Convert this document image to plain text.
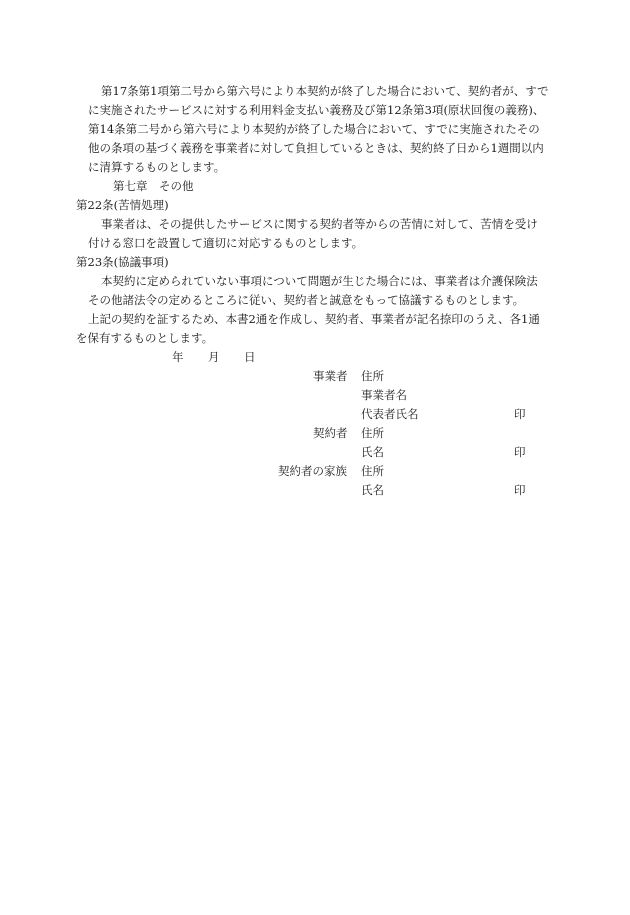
第17条第1項第二号から第六号により本契約が終了した場合において、契約者が、すで
に実施されたサービスに対する利用料金支払い義務及び第12条第3項(原状回復の義務)、
第14条第二号から第六号により本契約が終了した場合において、すでに実施されたその
他の条項の基づく義務を事業者に対して負担しているときは、契約終了日から1週間以内
に清算するものとします。
第七章　その他
第22条(苦情処理)
事業者は、その提供したサービスに関する契約者等からの苦情に対して、苦情を受け
付ける窓口を設置して適切に対応するものとします。
第23条(協議事項)
本契約に定められていない事項について問題が生じた場合には、事業者は介護保険法
その他諸法令の定めるところに従い、契約者と誠意をもって協議するものとします。
上記の契約を証するため、本書2通を作成し、契約者、事業者が記名捺印のうえ、各1通
を保有するものとします。
年 月 日
事業者 住所
事業者名
代表者氏名	印
契約者 住所
氏名	印
契約者の家族 住所
氏名	印
